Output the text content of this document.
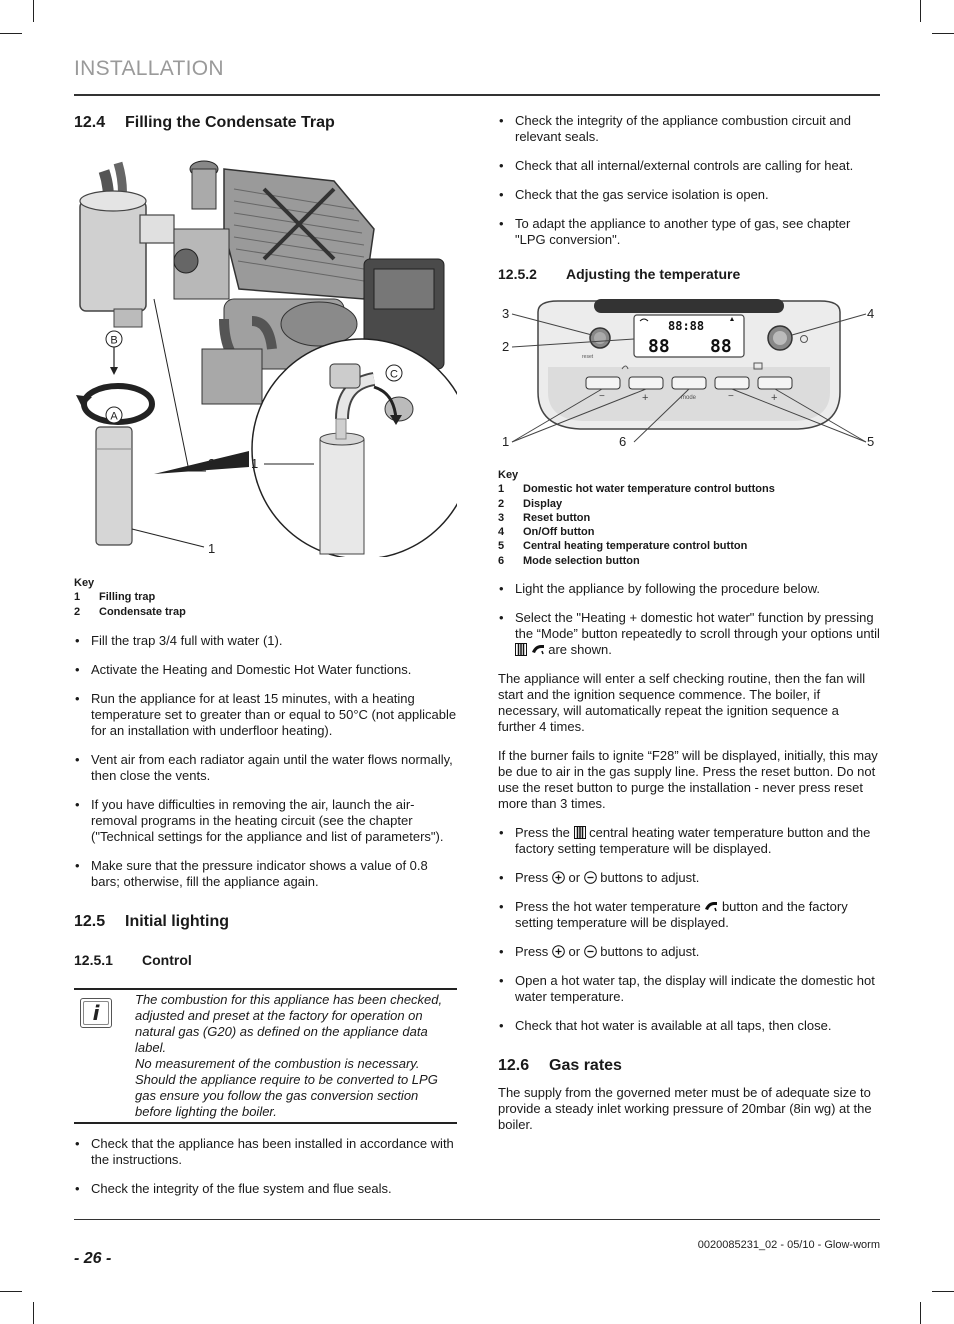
INSTALLATION
12.4 Filling the Condensate Trap
B
A
2
1
1
C
Key
1 Filling trap
2 Condensate trap
• Fill the trap 3/4 full with water (1).
• Activate the Heating and Domestic Hot Water functions.
• Run the appliance for at least 15 minutes, with a heating temperature set to greater than or equal to 50°C (not applicable for an installation with underfloor heating).
• Vent air from each radiator again until the water flows normally, then close the vents.
• If you have difficulties in removing the air, launch the air-removal programs in the heating circuit (see the chapter ("Technical settings for the appliance and list of parameters").
• Make sure that the pressure indicator shows a value of 0.8 bars; otherwise, fill the appliance again.
12.5 Initial lighting
12.5.1 Control
i
The combustion for this appliance has been checked, adjusted and preset at the factory for operation on natural gas (G20) as defined on the appliance data label.
No measurement of the combustion is necessary. Should the appliance require to be converted to LPG gas ensure you follow the gas conversion section before lighting the boiler.
• Check that the appliance has been installed in accordance with the instructions.
• Check the integrity of the flue system and flue seals.
• Check the integrity of the appliance combustion circuit and relevant seals.
• Check that all internal/external controls are calling for heat.
• Check that the gas service isolation is open.
• To adapt the appliance to another type of gas, see chapter "LPG conversion".
12.5.2 Adjusting the temperature
88:88
88 88
reset
−	+	mode	−	+
3
2
1	6
4
5
Key
1 Domestic hot water temperature control buttons
2 Display
3 Reset button
4 On/Off button
5 Central heating temperature control button
6 Mode selection button
• Light the appliance by following the procedure below.
• Select the "Heating + domestic hot water" function by pressing the “Mode” button repeatedly to scroll through your options until   are shown.

The appliance will enter a self checking routine, then the fan will start and the ignition sequence commence. The boiler, if necessary, will automatically repeat the ignition sequence a further 4 times.

If the burner fails to ignite “F28” will be displayed, initially, this may be due to air in the gas supply line. Press the reset button. Do not use the reset button to purge the installation - never press reset more than 3 times.

• Press the central heating water temperature button and the factory setting temperature will be displayed.
• Press or buttons to adjust.
• Press the hot water temperature button and the factory setting temperature will be displayed.
• Press or buttons to adjust.
• Open a hot water tap, the display will indicate the domestic hot water temperature.
• Check that hot water is available at all taps, then close.
12.6 Gas rates

The supply from the governed meter must be of adequate size to provide a steady inlet working pressure of 20mbar (8in wg) at the boiler.

0020085231_02 - 05/10 - Glow-worm
- 26 -
